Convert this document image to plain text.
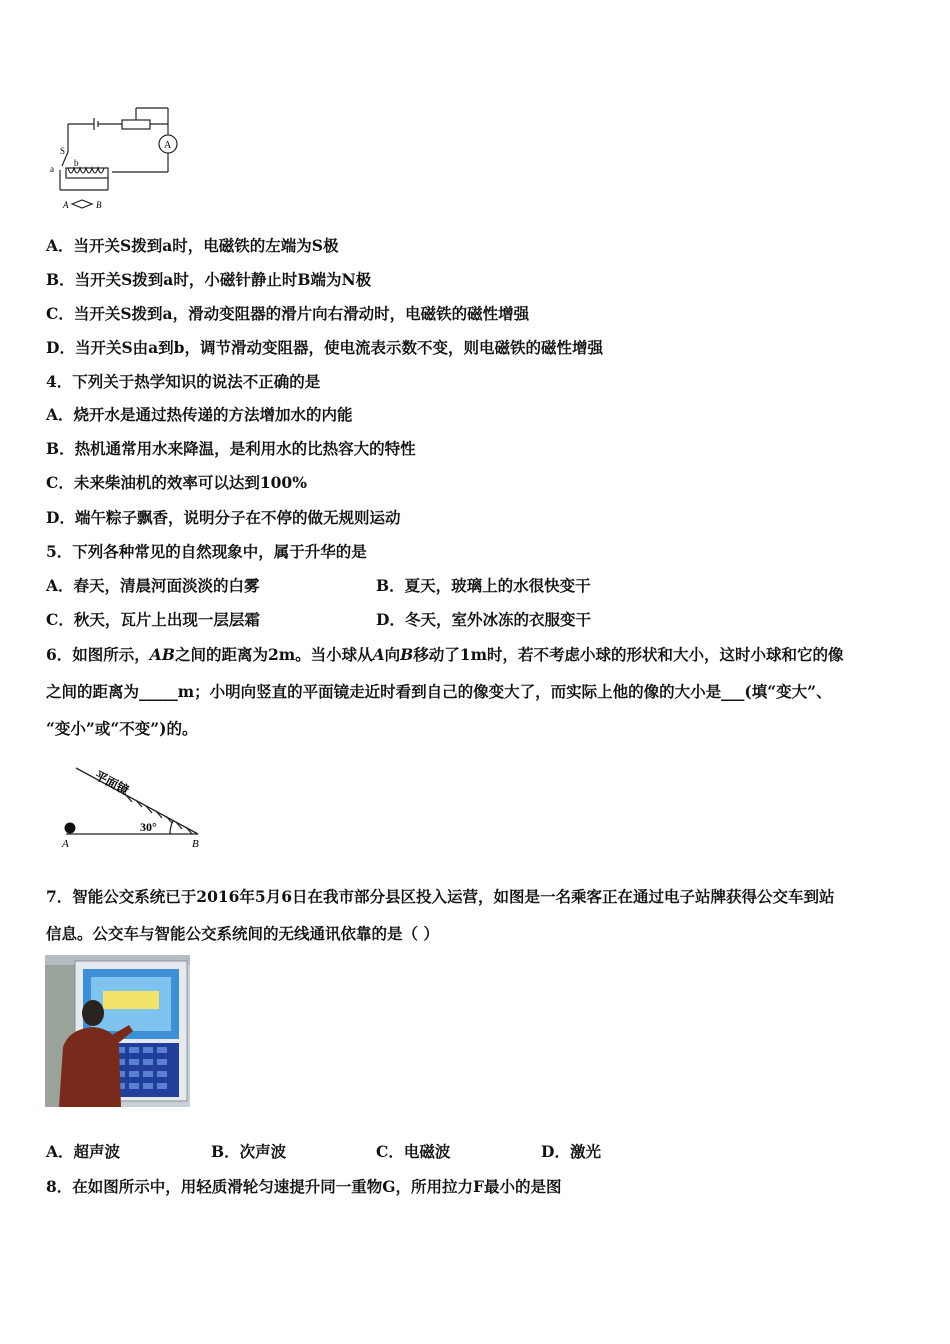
A
S
a
b
A	B
A．当开关S拨到a时，电磁铁的左端为S极
B．当开关S拨到a时，小磁针静止时B端为N极
C．当开关S拨到a，滑动变阻器的滑片向右滑动时，电磁铁的磁性增强
D．当开关S由a到b，调节滑动变阻器，使电流表示数不变，则电磁铁的磁性增强
4．下列关于热学知识的说法不正确的是
A．烧开水是通过热传递的方法增加水的内能
B．热机通常用水来降温，是利用水的比热容大的特性
C．未来柴油机的效率可以达到100%
D．端午粽子飘香，说明分子在不停的做无规则运动
5．下列各种常见的自然现象中，属于升华的是
A．春天，清晨河面淡淡的白雾	B．夏天，玻璃上的水很快变干
C．秋天，瓦片上出现一层层霜	D．冬天，室外冰冻的衣服变干
6．如图所示，AB之间的距离为2m。当小球从A向B移动了1m时，若不考虑小球的形状和大小，这时小球和它的像
之间的距离为_____m；小明向竖直的平面镜走近时看到自己的像变大了，而实际上他的像的大小是___(填“变大”、
“变小”或“不变”)的。
平面镜
30°
A	B
7．智能公交系统已于2016年5月6日在我市部分县区投入运营，如图是一名乘客正在通过电子站牌获得公交车到站
信息。公交车与智能公交系统间的无线通讯依靠的是（ ）
A．超声波	B．次声波	C．电磁波	D．激光
8．在如图所示中，用轻质滑轮匀速提升同一重物G，所用拉力F最小的是图
